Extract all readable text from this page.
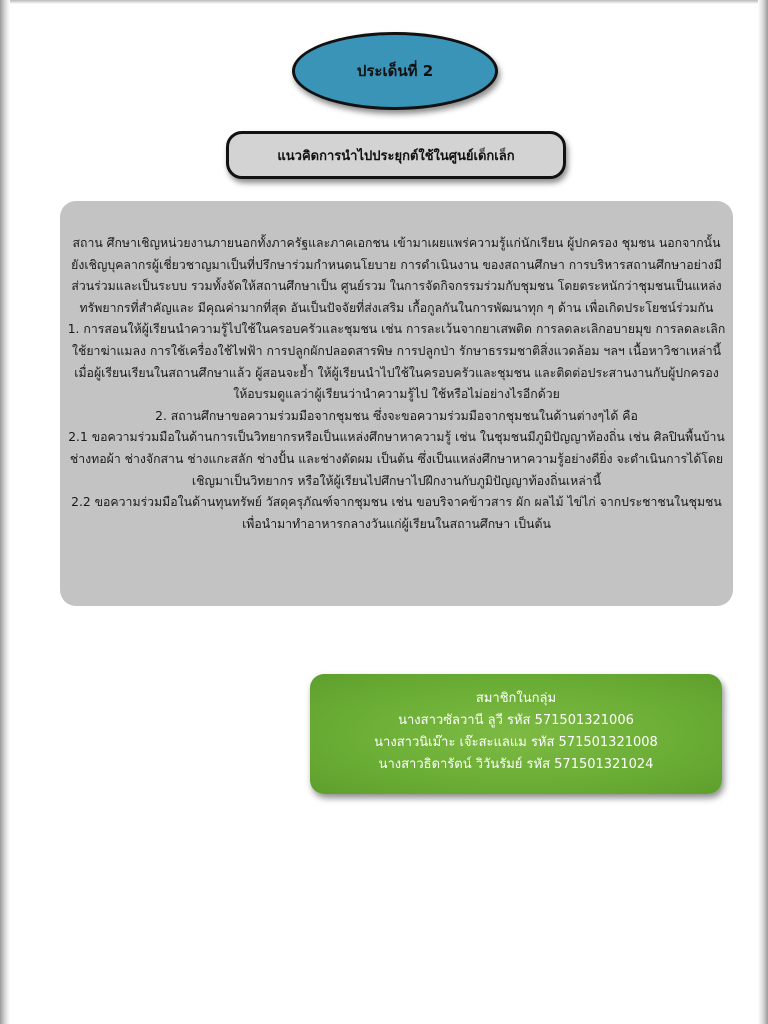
ประเด็นที่ 2
แนวคิดการนำไปประยุกต์ใช้ในศูนย์เด็กเล็ก

สถาน ศึกษาเชิญหน่วยงานภายนอกทั้งภาครัฐและภาคเอกชน เข้ามาเผยแพร่ความรู้แก่นักเรียน ผู้ปกครอง ชุมชน นอกจากนั้นยังเชิญบุคลากรผู้เชี่ยวชาญมาเป็นที่ปรึกษาร่วมกำหนดนโยบาย การดำเนินงาน ของสถานศึกษา การบริหารสถานศึกษาอย่างมีส่วนร่วมและเป็นระบบ รวมทั้งจัดให้สถานศึกษาเป็น ศูนย์รวม ในการจัดกิจกรรมร่วมกับชุมชน โดยตระหนักว่าชุมชนเป็นแหล่งทรัพยากรที่สำคัญและ มีคุณค่ามากที่สุด อันเป็นปัจจัยที่ส่งเสริม เกื้อกูลกันในการพัฒนาทุก ๆ ด้าน เพื่อเกิดประโยชน์ร่วมกัน

1. การสอนให้ผู้เรียนนำความรู้ไปใช้ในครอบครัวและชุมชน เช่น การละเว้นจากยาเสพติด การลดละเลิกอบายมุข การลดละเลิก ใช้ยาฆ่าแมลง การใช้เครื่องใช้ไฟฟ้า การปลูกผักปลอดสารพิษ การปลูกป่า รักษาธรรมชาติสิ่งแวดล้อม ฯลฯ เนื้อหาวิชาเหล่านี้เมื่อผู้เรียนเรียนในสถานศึกษาแล้ว ผู้สอนจะย้ำ ให้ผู้เรียนนำไปใช้ในครอบครัวและชุมชน และติดต่อประสานงานกับผู้ปกครอง ให้อบรมดูแลว่าผู้เรียนว่านำความรู้ไป ใช้หรือไม่อย่างไรอีกด้วย

2. สถานศึกษาขอความร่วมมือจากชุมชน ซึ่งจะขอความร่วมมือจากชุมชนในด้านต่างๆได้ คือ

2.1 ขอความร่วมมือในด้านการเป็นวิทยากรหรือเป็นแหล่งศึกษาหาความรู้ เช่น ในชุมชนมีภูมิปัญญาท้องถิ่น เช่น ศิลปินพื้นบ้าน ช่างทอผ้า ช่างจักสาน ช่างแกะสลัก ช่างปั้น และช่างตัดผม เป็นต้น ซึ่งเป็นแหล่งศึกษาหาความรู้อย่างดียิ่ง จะดำเนินการได้โดยเชิญมาเป็นวิทยากร หรือให้ผู้เรียนไปศึกษาไปฝึกงานกับภูมิปัญญาท้องถิ่นเหล่านี้

2.2 ขอความร่วมมือในด้านทุนทรัพย์ วัสดุครุภัณฑ์จากชุมชน เช่น ขอบริจาคข้าวสาร ผัก ผลไม้ ไข่ไก่ จากประชาชนในชุมชนเพื่อนำมาทำอาหารกลางวันแก่ผู้เรียนในสถานศึกษา เป็นต้น

สมาชิกในกลุ่ม

นางสาวซัลวานี ลูวี รหัส 571501321006

นางสาวนิเม๊าะ เจ๊ะสะแลแม รหัส 571501321008

นางสาวธิดารัตน์ วิวันรัมย์ รหัส 571501321024
